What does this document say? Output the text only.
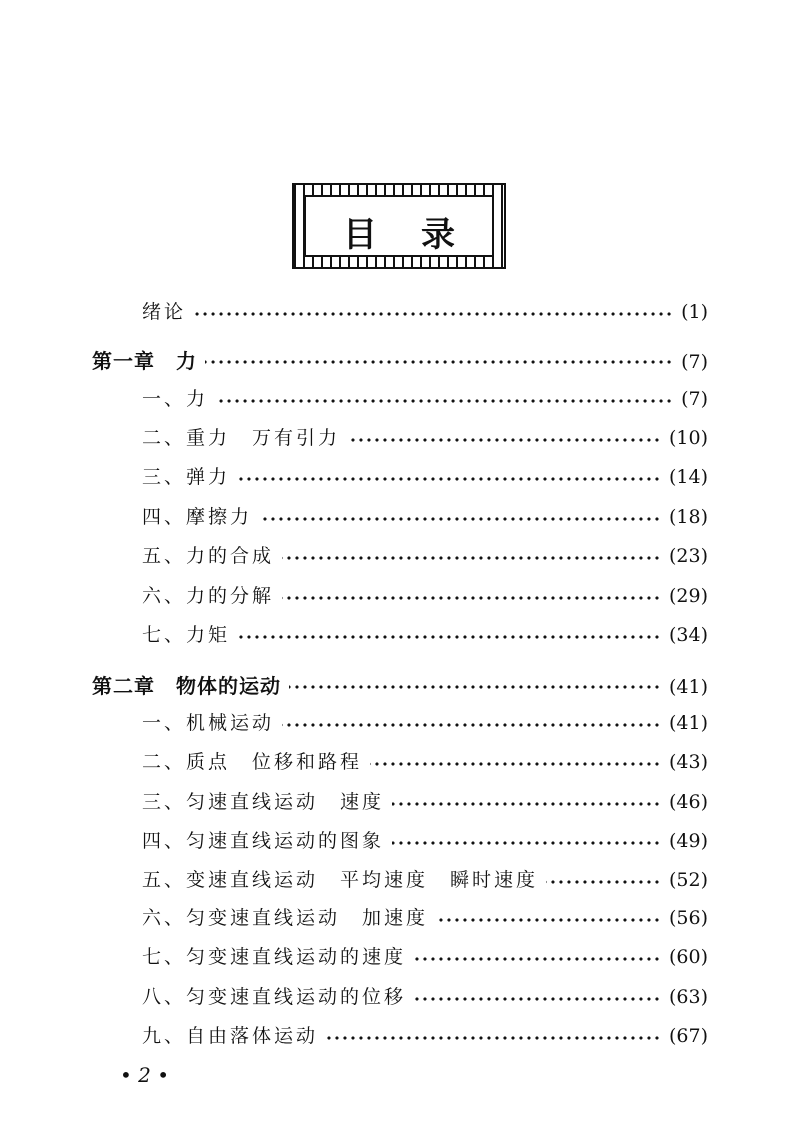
目录
绪论	(1)
第一章　力	(7)
一、力	(7)
二、重力　万有引力	(10)
三、弹力	(14)
四、摩擦力	(18)
五、力的合成	(23)
六、力的分解	(29)
七、力矩	(34)
第二章　物体的运动	(41)
一、机械运动	(41)
二、质点　位移和路程	(43)
三、匀速直线运动　速度	(46)
四、匀速直线运动的图象	(49)
五、变速直线运动　平均速度　瞬时速度	(52)
六、匀变速直线运动　加速度	(56)
七、匀变速直线运动的速度	(60)
八、匀变速直线运动的位移	(63)
九、自由落体运动	(67)
• 2 •
